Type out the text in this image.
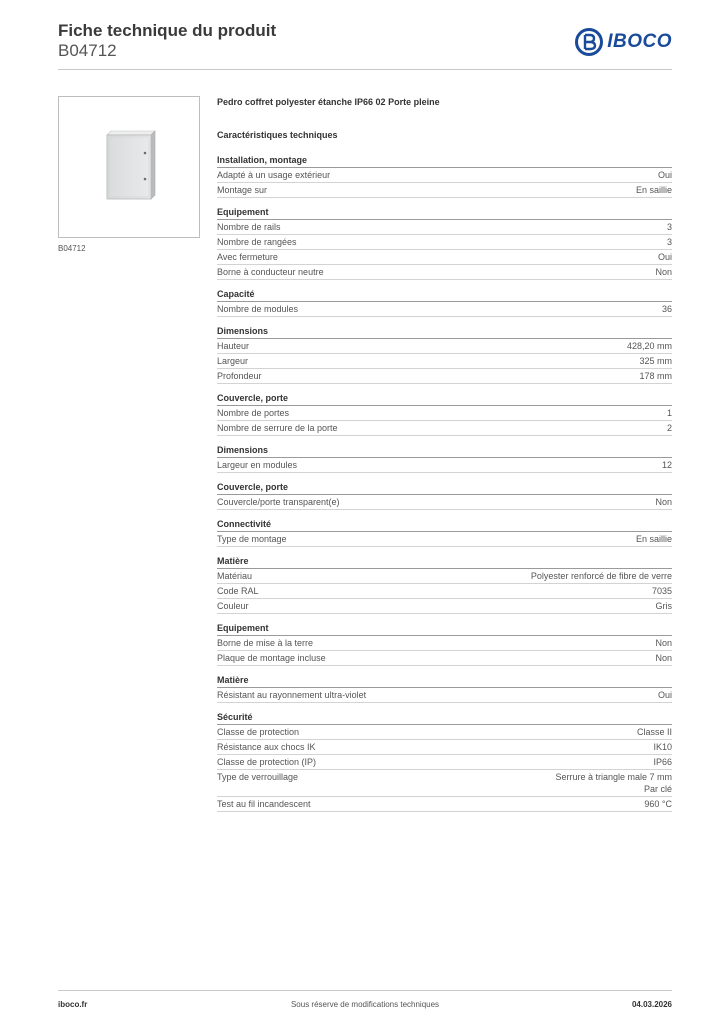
Fiche technique du produit
B04712	IBOCO
B04712
Pedro coffret polyester étanche IP66 02 Porte pleine
Caractéristiques techniques
Installation, montage
Adapté à un usage extérieur	Oui
Montage sur	En saillie
Equipement
Nombre de rails	3
Nombre de rangées	3
Avec fermeture	Oui
Borne à conducteur neutre	Non
Capacité
Nombre de modules	36
Dimensions
Hauteur	428,20 mm
Largeur	325 mm
Profondeur	178 mm
Couvercle, porte
Nombre de portes	1
Nombre de serrure de la porte	2
Dimensions
Largeur en modules	12
Couvercle, porte
Couvercle/porte transparent(e)	Non
Connectivité
Type de montage	En saillie
Matière
Matériau	Polyester renforcé de fibre de verre
Code RAL	7035
Couleur	Gris
Equipement
Borne de mise à la terre	Non
Plaque de montage incluse	Non
Matière
Résistant au rayonnement ultra-violet	Oui
Sécurité
Classe de protection	Classe II
Résistance aux chocs IK	IK10
Classe de protection (IP)	IP66
Type de verrouillage	Serrure à triangle male 7 mm
Par clé
Test au fil incandescent	960 °C
iboco.fr	Sous réserve de modifications techniques	04.03.2026
